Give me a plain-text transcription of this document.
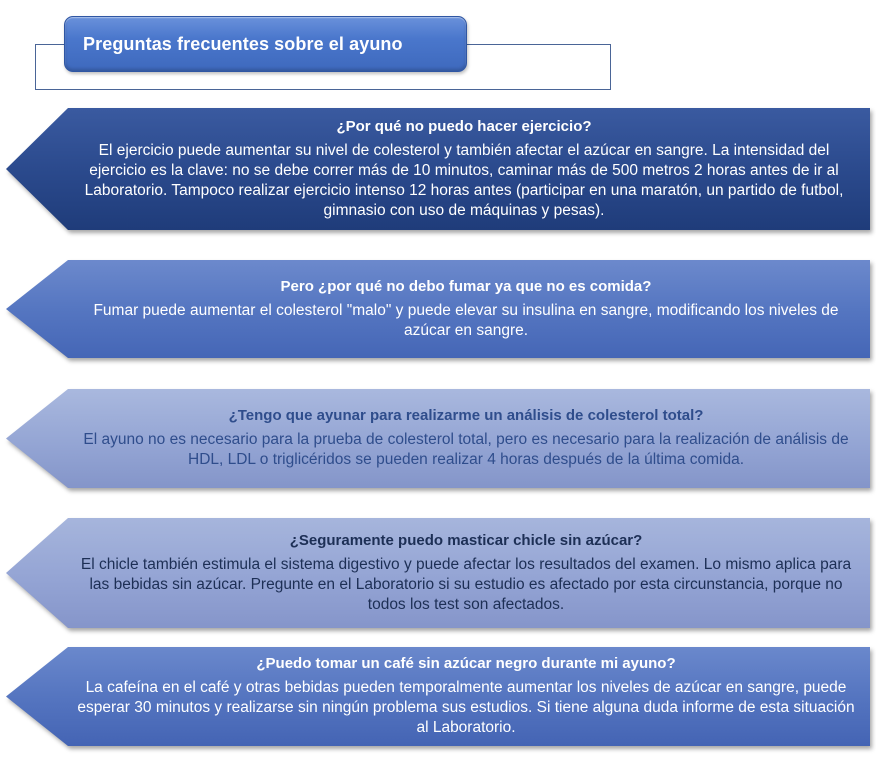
Preguntas frecuentes sobre el ayuno
¿Por qué no puedo hacer ejercicio?
El ejercicio puede aumentar su nivel de colesterol y también afectar el azúcar en sangre. La intensidad del ejercicio es la clave: no se debe correr más de 10 minutos, caminar más de 500 metros 2 horas antes de ir al Laboratorio. Tampoco realizar ejercicio intenso 12 horas antes (participar en una maratón, un partido de futbol, gimnasio con uso de máquinas y pesas).
Pero ¿por qué no debo fumar ya que no es comida?
Fumar puede aumentar el colesterol "malo" y puede elevar su insulina en sangre, modificando los niveles de azúcar en sangre.
¿Tengo que ayunar para realizarme un análisis de colesterol total?
El ayuno no es necesario para la prueba de colesterol total, pero es necesario para la realización de análisis de HDL, LDL o triglicéridos se pueden realizar 4 horas después de la última comida.
¿Seguramente puedo masticar chicle sin azúcar?
El chicle también estimula el sistema digestivo y puede afectar los resultados del examen. Lo mismo aplica para las bebidas sin azúcar. Pregunte en el Laboratorio si su estudio es afectado por esta circunstancia, porque no todos los test son afectados.
¿Puedo tomar un café sin azúcar negro durante mi ayuno?
La cafeína en el café y otras bebidas pueden temporalmente aumentar los niveles de azúcar en sangre, puede esperar 30 minutos y realizarse sin ningún problema sus estudios. Si tiene alguna duda informe de esta situación al Laboratorio.
